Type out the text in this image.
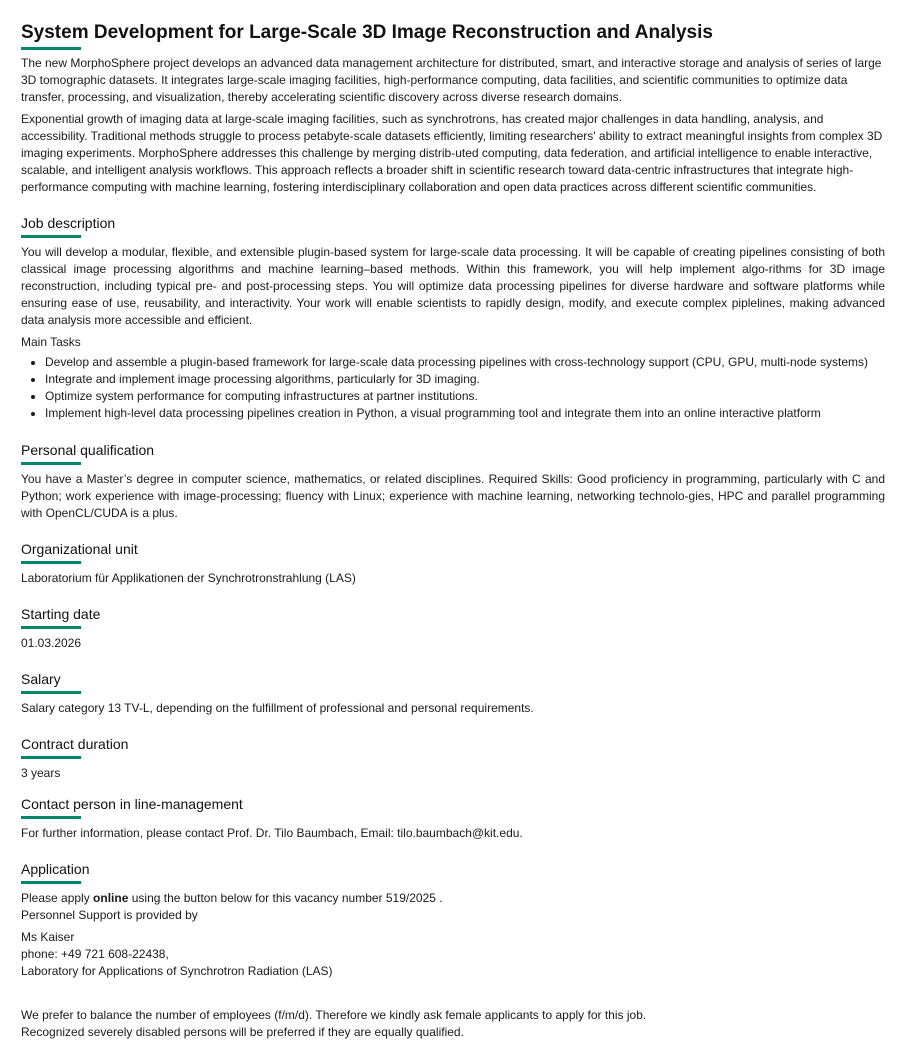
System Development for Large-Scale 3D Image Reconstruction and Analysis

The new MorphoSphere project develops an advanced data management architecture for distributed, smart, and interactive storage and analysis of series of large 3D tomographic datasets. It integrates large-scale imaging facilities, high-performance computing, data facilities, and scientific communities to optimize data transfer, processing, and visualization, thereby accelerating scientific discovery across diverse research domains.

Exponential growth of imaging data at large-scale imaging facilities, such as synchrotrons, has created major challenges in data handling, analysis, and accessibility. Traditional methods struggle to process petabyte-scale datasets efficiently, limiting researchers' ability to extract meaningful insights from complex 3D imaging experiments. MorphoSphere addresses this challenge by merging distrib-uted computing, data federation, and artificial intelligence to enable interactive, scalable, and intelligent analysis workflows. This approach reflects a broader shift in scientific research toward data-centric infrastructures that integrate high-performance computing with machine learning, fostering interdisciplinary collaboration and open data practices across different scientific communities.

Job description

You will develop a modular, flexible, and extensible plugin-based system for large-scale data processing. It will be capable of creating pipelines consisting of both classical image processing algorithms and machine learning–based methods. Within this framework, you will help implement algo-rithms for 3D image reconstruction, including typical pre- and post-processing steps. You will optimize data processing pipelines for diverse hardware and software platforms while ensuring ease of use, reusability, and interactivity. Your work will enable scientists to rapidly design, modify, and execute complex piplelines, making advanced data analysis more accessible and efficient.

Main Tasks

• Develop and assemble a plugin-based framework for large-scale data processing pipelines with cross-technology support (CPU, GPU, multi-node systems)
• Integrate and implement image processing algorithms, particularly for 3D imaging.
• Optimize system performance for computing infrastructures at partner institutions.
• Implement high-level data processing pipelines creation in Python, a visual programming tool and integrate them into an online interactive platform
Personal qualification

You have a Master’s degree in computer science, mathematics, or related disciplines. Required Skills: Good proficiency in programming, particularly with C and Python; work experience with image-processing; fluency with Linux; experience with machine learning, networking technolo-gies, HPC and parallel programming with OpenCL/CUDA is a plus.

Organizational unit

Laboratorium für Applikationen der Synchrotronstrahlung (LAS)

Starting date

01.03.2026

Salary

Salary category 13 TV-L, depending on the fulfillment of professional and personal requirements.

Contract duration

3 years

Contact person in line-management

For further information, please contact Prof. Dr. Tilo Baumbach, Email: tilo.baumbach@kit.edu.

Application

Please apply online using the button below for this vacancy number 519/2025 .

Personnel Support is provided by

Ms Kaiser

phone: +49 721 608-22438,

Laboratory for Applications of Synchrotron Radiation (LAS)

We prefer to balance the number of employees (f/m/d). Therefore we kindly ask female applicants to apply for this job.

Recognized severely disabled persons will be preferred if they are equally qualified.
